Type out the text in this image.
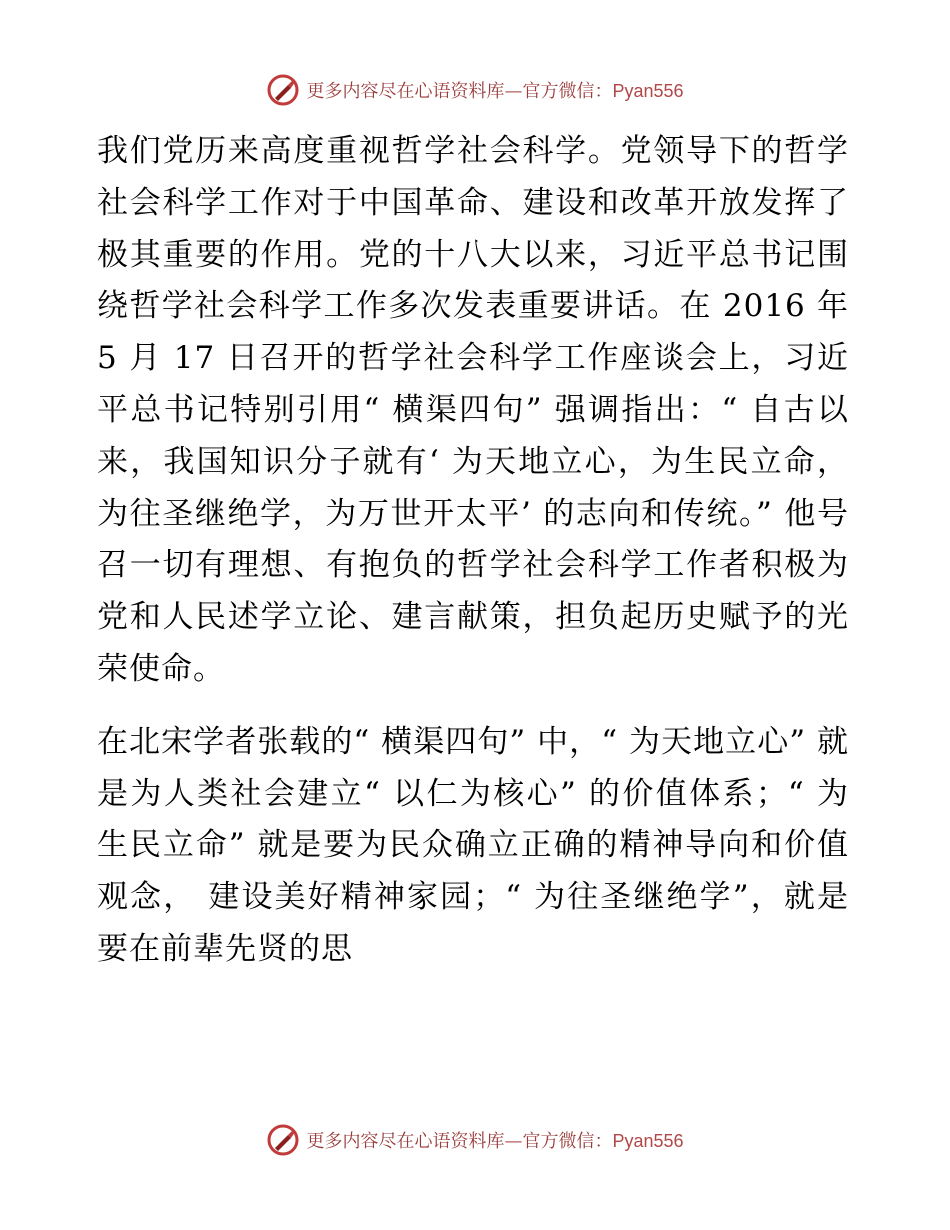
更多内容尽在心语资料库—官方微信：Pyan556

我们党历来高度重视哲学社会科学。党领导下的哲学社会科学工作对于中国革命、建设和改革开放发挥了极其重要的作用。党的十八大以来，习近平总书记围绕哲学社会科学工作多次发表重要讲话。在 2016 年 5 月 17 日召开的哲学社会科学工作座谈会上，习近平总书记特别引用“ 横渠四句” 强调指出：“ 自古以来，我国知识分子就有‘ 为天地立心，为生民立命，为往圣继绝学，为万世开太平’ 的志向和传统。” 他号召一切有理想、有抱负的哲学社会科学工作者积极为党和人民述学立论、建言献策，担负起历史赋予的光荣使命。

在北宋学者张载的“ 横渠四句” 中，“ 为天地立心” 就是为人类社会建立“ 以仁为核心” 的价值体系；“ 为生民立命” 就是要为民众确立正确的精神导向和价值观念， 建设美好精神家园；“ 为往圣继绝学”，就是要在前辈先贤的思

更多内容尽在心语资料库—官方微信：Pyan556
